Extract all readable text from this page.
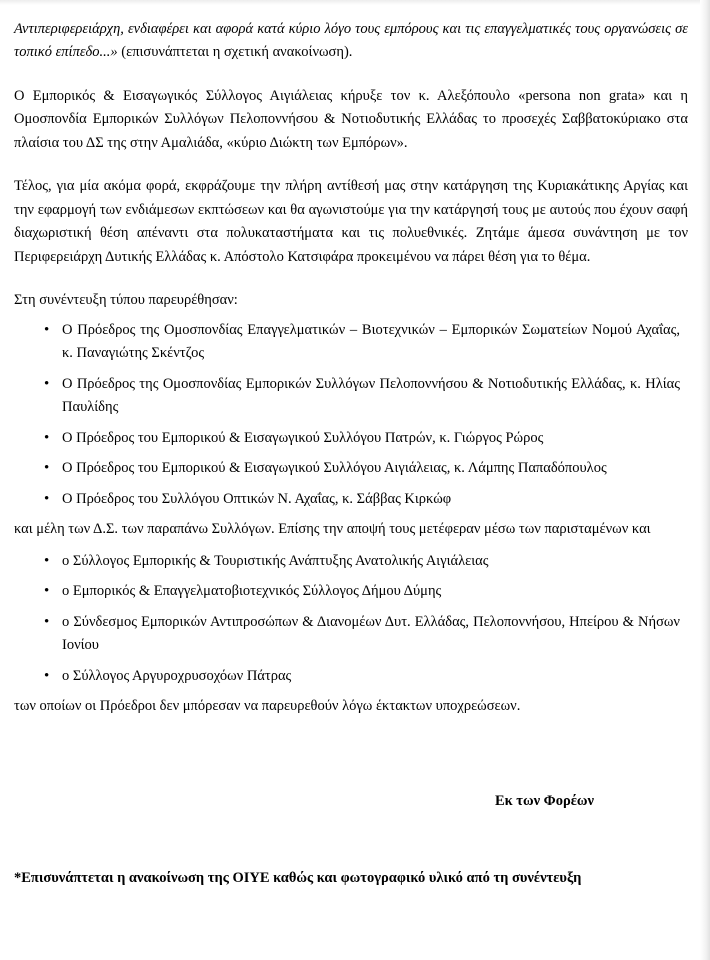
Αντιπεριφερειάρχη, ενδιαφέρει και αφορά κατά κύριο λόγο τους εμπόρους και τις επαγγελματικές τους οργανώσεις σε τοπικό επίπεδο...» (επισυνάπτεται η σχετική ανακοίνωση).

Ο Εμπορικός & Εισαγωγικός Σύλλογος Αιγιάλειας κήρυξε τον κ. Αλεξόπουλο «persona non grata» και η Ομοσπονδία Εμπορικών Συλλόγων Πελοποννήσου & Νοτιοδυτικής Ελλάδας το προσεχές Σαββατοκύριακο στα πλαίσια του ΔΣ της στην Αμαλιάδα, «κύριο Διώκτη των Εμπόρων».

Τέλος, για μία ακόμα φορά, εκφράζουμε την πλήρη αντίθεσή μας στην κατάργηση της Κυριακάτικης Αργίας και την εφαρμογή των ενδιάμεσων εκπτώσεων και θα αγωνιστούμε για την κατάργησή τους με αυτούς που έχουν σαφή διαχωριστική θέση απέναντι στα πολυκαταστήματα και τις πολυεθνικές. Ζητάμε άμεσα συνάντηση με τον Περιφερειάρχη Δυτικής Ελλάδας κ. Απόστολο Κατσιφάρα προκειμένου να πάρει θέση για το θέμα.

Στη συνέντευξη τύπου παρευρέθησαν:

• Ο Πρόεδρος της Ομοσπονδίας Επαγγελματικών – Βιοτεχνικών – Εμπορικών Σωματείων Νομού Αχαΐας, κ. Παναγιώτης Σκέντζος
• Ο Πρόεδρος της Ομοσπονδίας Εμπορικών Συλλόγων Πελοποννήσου & Νοτιοδυτικής Ελλάδας, κ. Ηλίας Παυλίδης
• Ο Πρόεδρος του Εμπορικού & Εισαγωγικού Συλλόγου Πατρών, κ. Γιώργος Ρώρος
• Ο Πρόεδρος του Εμπορικού & Εισαγωγικού Συλλόγου Αιγιάλειας, κ. Λάμπης Παπαδόπουλος
• Ο Πρόεδρος του Συλλόγου Οπτικών Ν. Αχαΐας, κ. Σάββας Κιρκώφ

και μέλη των Δ.Σ. των παραπάνω Συλλόγων. Επίσης την αποψή τους μετέφεραν μέσω των παρισταμένων και

• ο Σύλλογος Εμπορικής & Τουριστικής Ανάπτυξης Ανατολικής Αιγιάλειας
• ο Εμπορικός & Επαγγελματοβιοτεχνικός Σύλλογος Δήμου Δύμης
• ο Σύνδεσμος Εμπορικών Αντιπροσώπων & Διανομέων Δυτ. Ελλάδας, Πελοποννήσου, Ηπείρου & Νήσων Ιονίου
• ο Σύλλογος Αργυροχρυσοχόων Πάτρας

των οποίων οι Πρόεδροι δεν μπόρεσαν να παρευρεθούν λόγω έκτακτων υποχρεώσεων.

Εκ των Φορέων
*Επισυνάπτεται η ανακοίνωση της ΟΙΥΕ καθώς και φωτογραφικό υλικό από τη συνέντευξη
